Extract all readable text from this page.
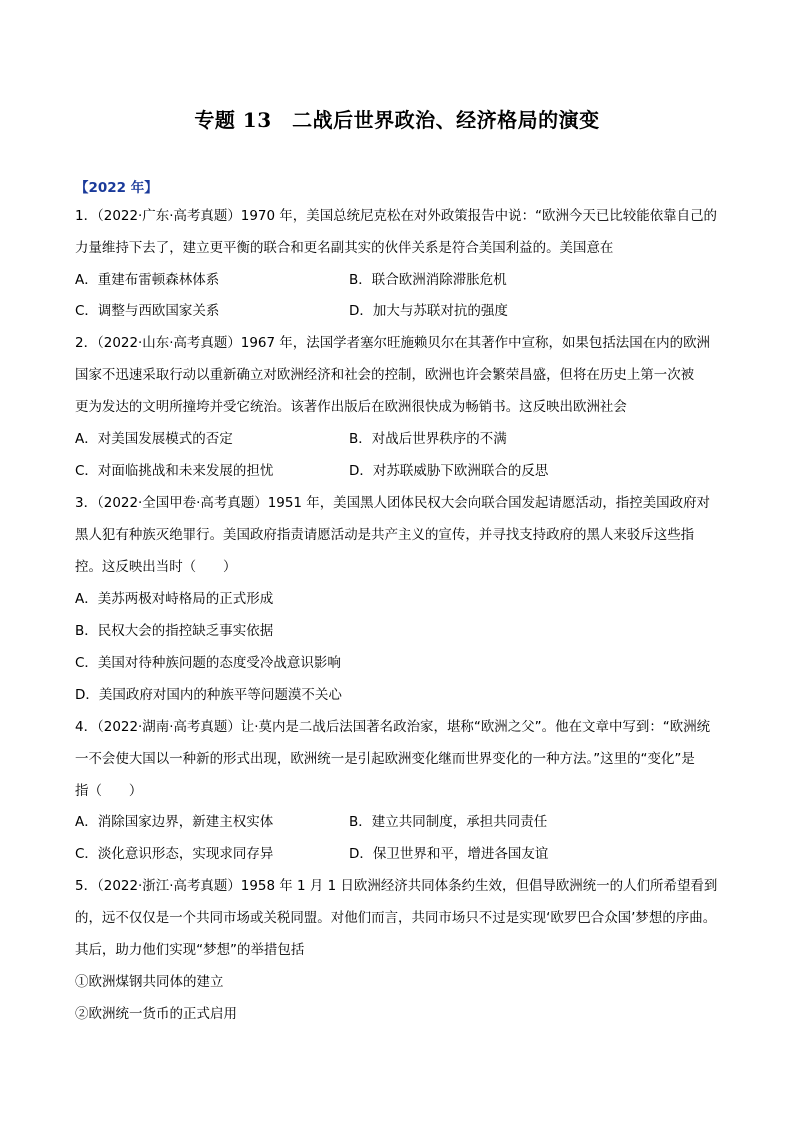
专题 13　二战后世界政治、经济格局的演变
【2022 年】
1．（2022·广东·高考真题）1970 年，美国总统尼克松在对外政策报告中说：“欧洲今天已比较能依靠自己的
力量维持下去了，建立更平衡的联合和更名副其实的伙伴关系是符合美国利益的。美国意在
A．重建布雷顿森林体系	B．联合欧洲消除滞胀危机
C．调整与西欧国家关系	D．加大与苏联对抗的强度
2．（2022·山东·高考真题）1967 年，法国学者塞尔旺施赖贝尔在其著作中宣称，如果包括法国在内的欧洲
国家不迅速采取行动以重新确立对欧洲经济和社会的控制，欧洲也许会繁荣昌盛，但将在历史上第一次被
更为发达的文明所撞垮并受它统治。该著作出版后在欧洲很快成为畅销书。这反映出欧洲社会
A．对美国发展模式的否定	B．对战后世界秩序的不满
C．对面临挑战和未来发展的担忧	D．对苏联威胁下欧洲联合的反思
3．（2022·全国甲卷·高考真题）1951 年，美国黑人团体民权大会向联合国发起请愿活动，指控美国政府对
黑人犯有种族灭绝罪行。美国政府指责请愿活动是共产主义的宣传，并寻找支持政府的黑人来驳斥这些指
控。这反映出当时（　　）
A．美苏两极对峙格局的正式形成
B．民权大会的指控缺乏事实依据
C．美国对待种族问题的态度受冷战意识影响
D．美国政府对国内的种族平等问题漠不关心
4．（2022·湖南·高考真题）让·莫内是二战后法国著名政治家，堪称“欧洲之父”。他在文章中写到：“欧洲统
一不会使大国以一种新的形式出现，欧洲统一是引起欧洲变化继而世界变化的一种方法。”这里的“变化”是
指（　　）
A．消除国家边界，新建主权实体	B．建立共同制度，承担共同责任
C．淡化意识形态，实现求同存异	D．保卫世界和平，增进各国友谊
5．（2022·浙江·高考真题）1958 年 1 月 1 日欧洲经济共同体条约生效，但倡导欧洲统一的人们所希望看到
的，远不仅仅是一个共同市场或关税同盟。对他们而言，共同市场只不过是实现‘欧罗巴合众国’梦想的序曲。
其后，助力他们实现“梦想”的举措包括
①欧洲煤钢共同体的建立
②欧洲统一货币的正式启用
